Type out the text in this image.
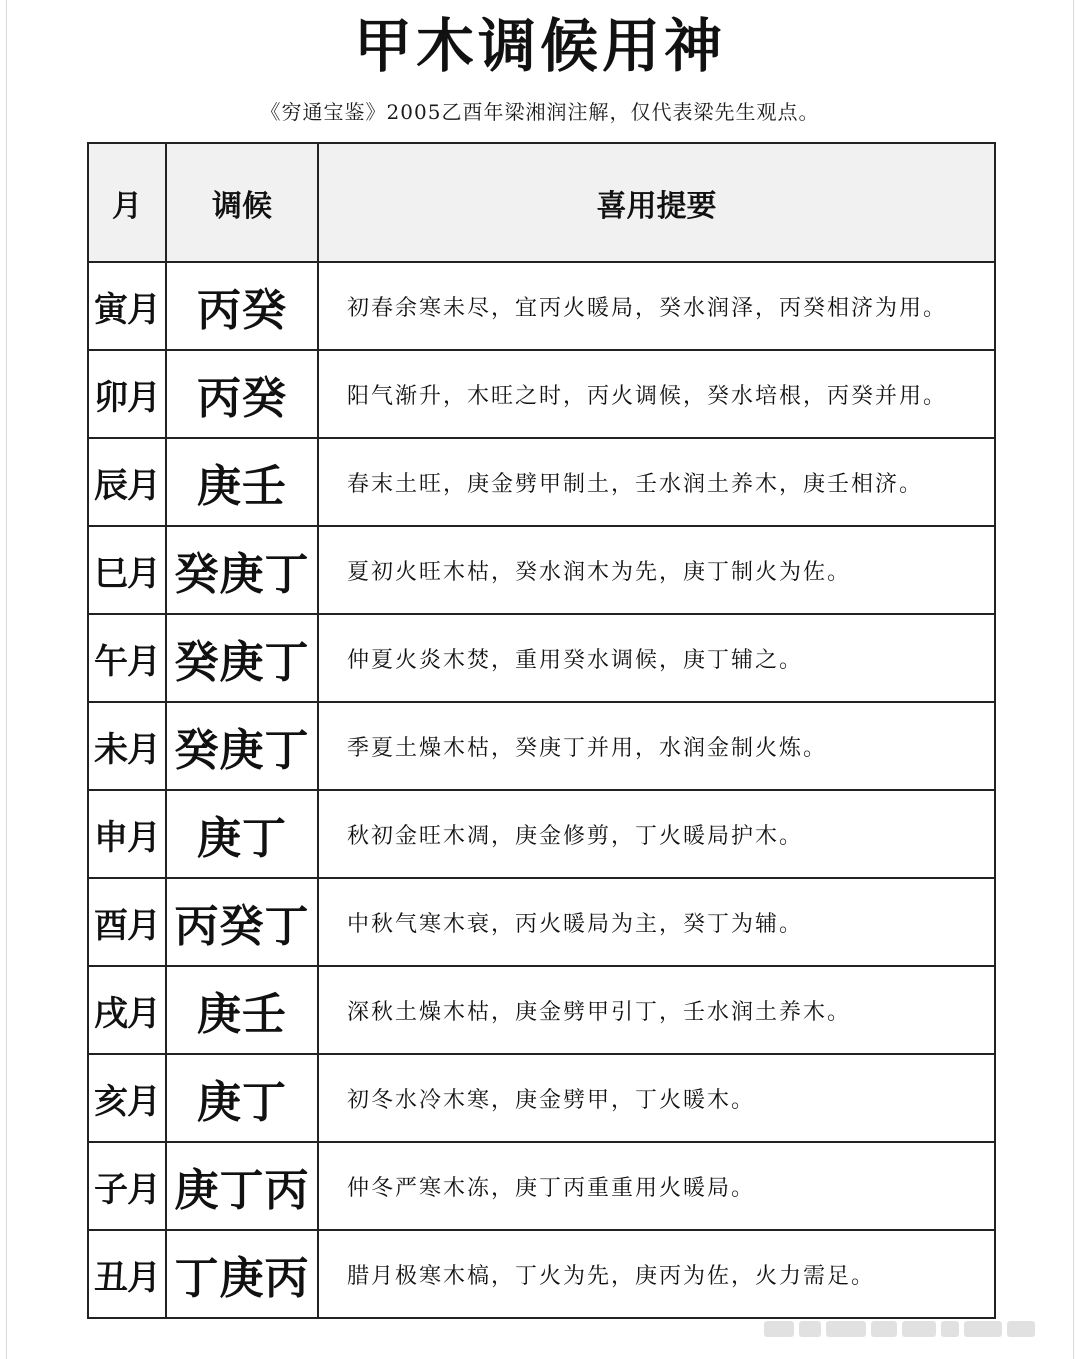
甲木调候用神
《穷通宝鉴》2005乙酉年梁湘润注解，仅代表梁先生观点。
月	调候	喜用提要
寅月	丙癸	初春余寒未尽，宜丙火暖局，癸水润泽，丙癸相济为用。
卯月	丙癸	阳气渐升，木旺之时，丙火调候，癸水培根，丙癸并用。
辰月	庚壬	春末土旺，庚金劈甲制土，壬水润土养木，庚壬相济。
巳月	癸庚丁	夏初火旺木枯，癸水润木为先，庚丁制火为佐。
午月	癸庚丁	仲夏火炎木焚，重用癸水调候，庚丁辅之。
未月	癸庚丁	季夏土燥木枯，癸庚丁并用，水润金制火炼。
申月	庚丁	秋初金旺木凋，庚金修剪，丁火暖局护木。
酉月	丙癸丁	中秋气寒木衰，丙火暖局为主，癸丁为辅。
戌月	庚壬	深秋土燥木枯，庚金劈甲引丁，壬水润土养木。
亥月	庚丁	初冬水冷木寒，庚金劈甲，丁火暖木。
子月	庚丁丙	仲冬严寒木冻，庚丁丙重重用火暖局。
丑月	丁庚丙	腊月极寒木槁，丁火为先，庚丙为佐，火力需足。
